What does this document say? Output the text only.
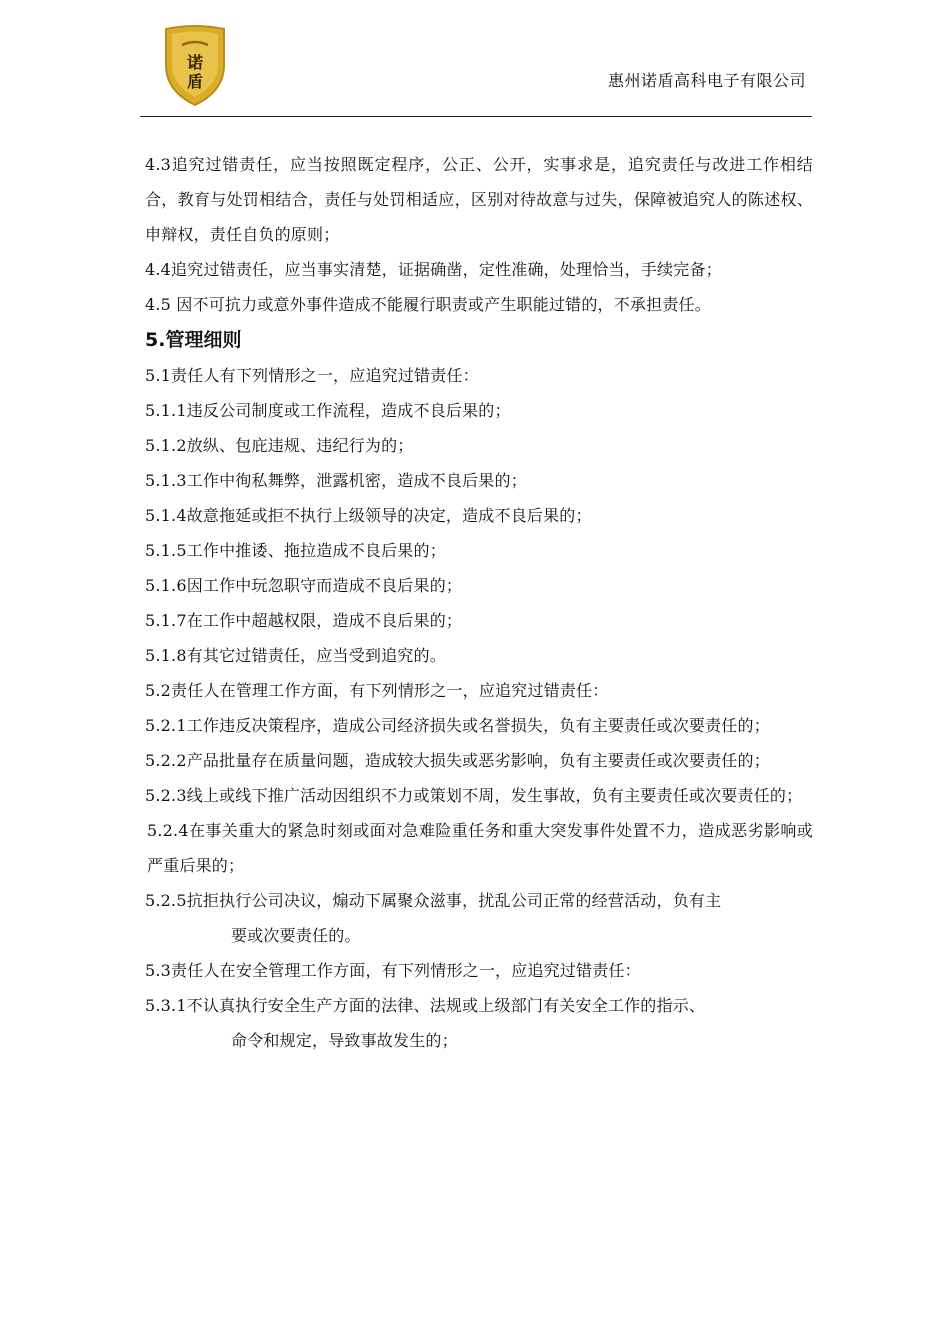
诺
盾	惠州诺盾高科电子有限公司

4.3追究过错责任，应当按照既定程序，公正、公开，实事求是，追究责任与改进工作相结合，教育与处罚相结合，责任与处罚相适应，区别对待故意与过失，保障被追究人的陈述权、申辩权，责任自负的原则；

4.4追究过错责任，应当事实清楚，证据确凿，定性准确，处理恰当，手续完备；

4.5 因不可抗力或意外事件造成不能履行职责或产生职能过错的，不承担责任。

5.管理细则

5.1责任人有下列情形之一，应追究过错责任：

5.1.1违反公司制度或工作流程，造成不良后果的；

5.1.2放纵、包庇违规、违纪行为的；

5.1.3工作中徇私舞弊，泄露机密，造成不良后果的；

5.1.4故意拖延或拒不执行上级领导的决定，造成不良后果的；

5.1.5工作中推诿、拖拉造成不良后果的；

5.1.6因工作中玩忽职守而造成不良后果的；

5.1.7在工作中超越权限，造成不良后果的；

5.1.8有其它过错责任，应当受到追究的。

5.2责任人在管理工作方面，有下列情形之一，应追究过错责任：

5.2.1工作违反决策程序，造成公司经济损失或名誉损失，负有主要责任或次要责任的；

5.2.2产品批量存在质量问题，造成较大损失或恶劣影响，负有主要责任或次要责任的；

5.2.3线上或线下推广活动因组织不力或策划不周，发生事故，负有主要责任或次要责任的；

5.2.4在事关重大的紧急时刻或面对急难险重任务和重大突发事件处置不力，造成恶劣影响或严重后果的；

5.2.5抗拒执行公司决议，煽动下属聚众滋事，扰乱公司正常的经营活动，负有主

要或次要责任的。

5.3责任人在安全管理工作方面，有下列情形之一，应追究过错责任：

5.3.1不认真执行安全生产方面的法律、法规或上级部门有关安全工作的指示、

命令和规定，导致事故发生的；
